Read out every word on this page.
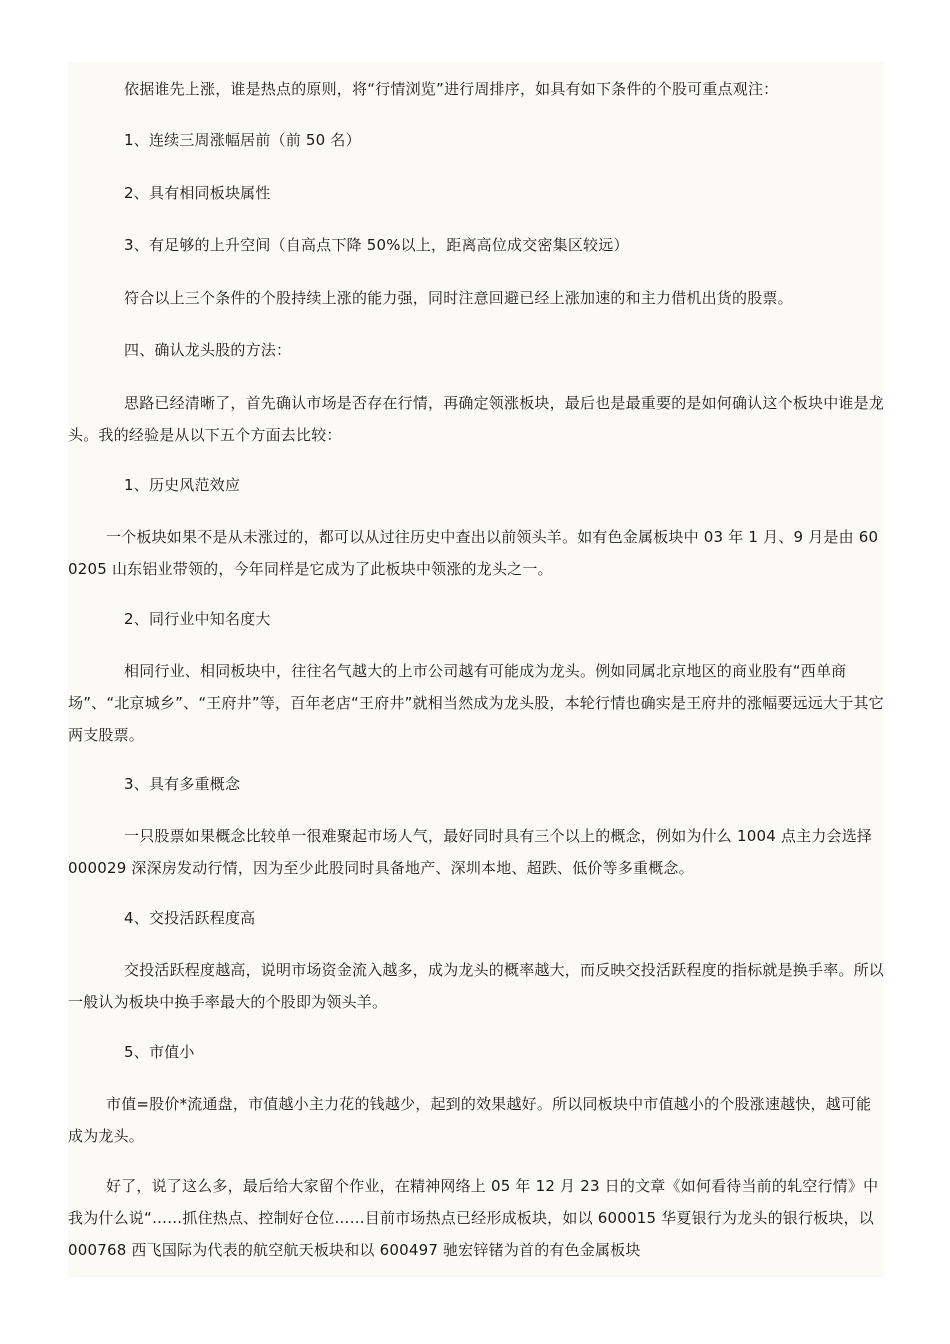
依据谁先上涨，谁是热点的原则，将“行情浏览”进行周排序，如具有如下条件的个股可重点观注：

1、连续三周涨幅居前（前 50 名）

2、具有相同板块属性

3、有足够的上升空间（自高点下降 50%以上，距离高位成交密集区较远）

符合以上三个条件的个股持续上涨的能力强，同时注意回避已经上涨加速的和主力借机出货的股票。

四、确认龙头股的方法：

思路已经清晰了，首先确认市场是否存在行情，再确定领涨板块，最后也是最重要的是如何确认这个板块中谁是龙头。我的经验是从以下五个方面去比较：

1、历史风范效应

一个板块如果不是从未涨过的，都可以从过往历史中查出以前领头羊。如有色金属板块中 03 年 1 月、9 月是由 600205 山东铝业带领的，今年同样是它成为了此板块中领涨的龙头之一。

2、同行业中知名度大

相同行业、相同板块中，往往名气越大的上市公司越有可能成为龙头。例如同属北京地区的商业股有“西单商场”、“北京城乡”、“王府井”等，百年老店“王府井”就相当然成为龙头股，本轮行情也确实是王府井的涨幅要远远大于其它两支股票。

3、具有多重概念

一只股票如果概念比较单一很难聚起市场人气，最好同时具有三个以上的概念，例如为什么 1004 点主力会选择 000029 深深房发动行情，因为至少此股同时具备地产、深圳本地、超跌、低价等多重概念。

4、交投活跃程度高

交投活跃程度越高，说明市场资金流入越多，成为龙头的概率越大，而反映交投活跃程度的指标就是换手率。所以一般认为板块中换手率最大的个股即为领头羊。

5、市值小

市值=股价*流通盘，市值越小主力花的钱越少，起到的效果越好。所以同板块中市值越小的个股涨速越快，越可能成为龙头。

好了，说了这么多，最后给大家留个作业，在精神网络上 05 年 12 月 23 日的文章《如何看待当前的轧空行情》中我为什么说“……抓住热点、控制好仓位……目前市场热点已经形成板块，如以 600015 华夏银行为龙头的银行板块，以 000768 西飞国际为代表的航空航天板块和以 600497 驰宏锌锗为首的有色金属板块
